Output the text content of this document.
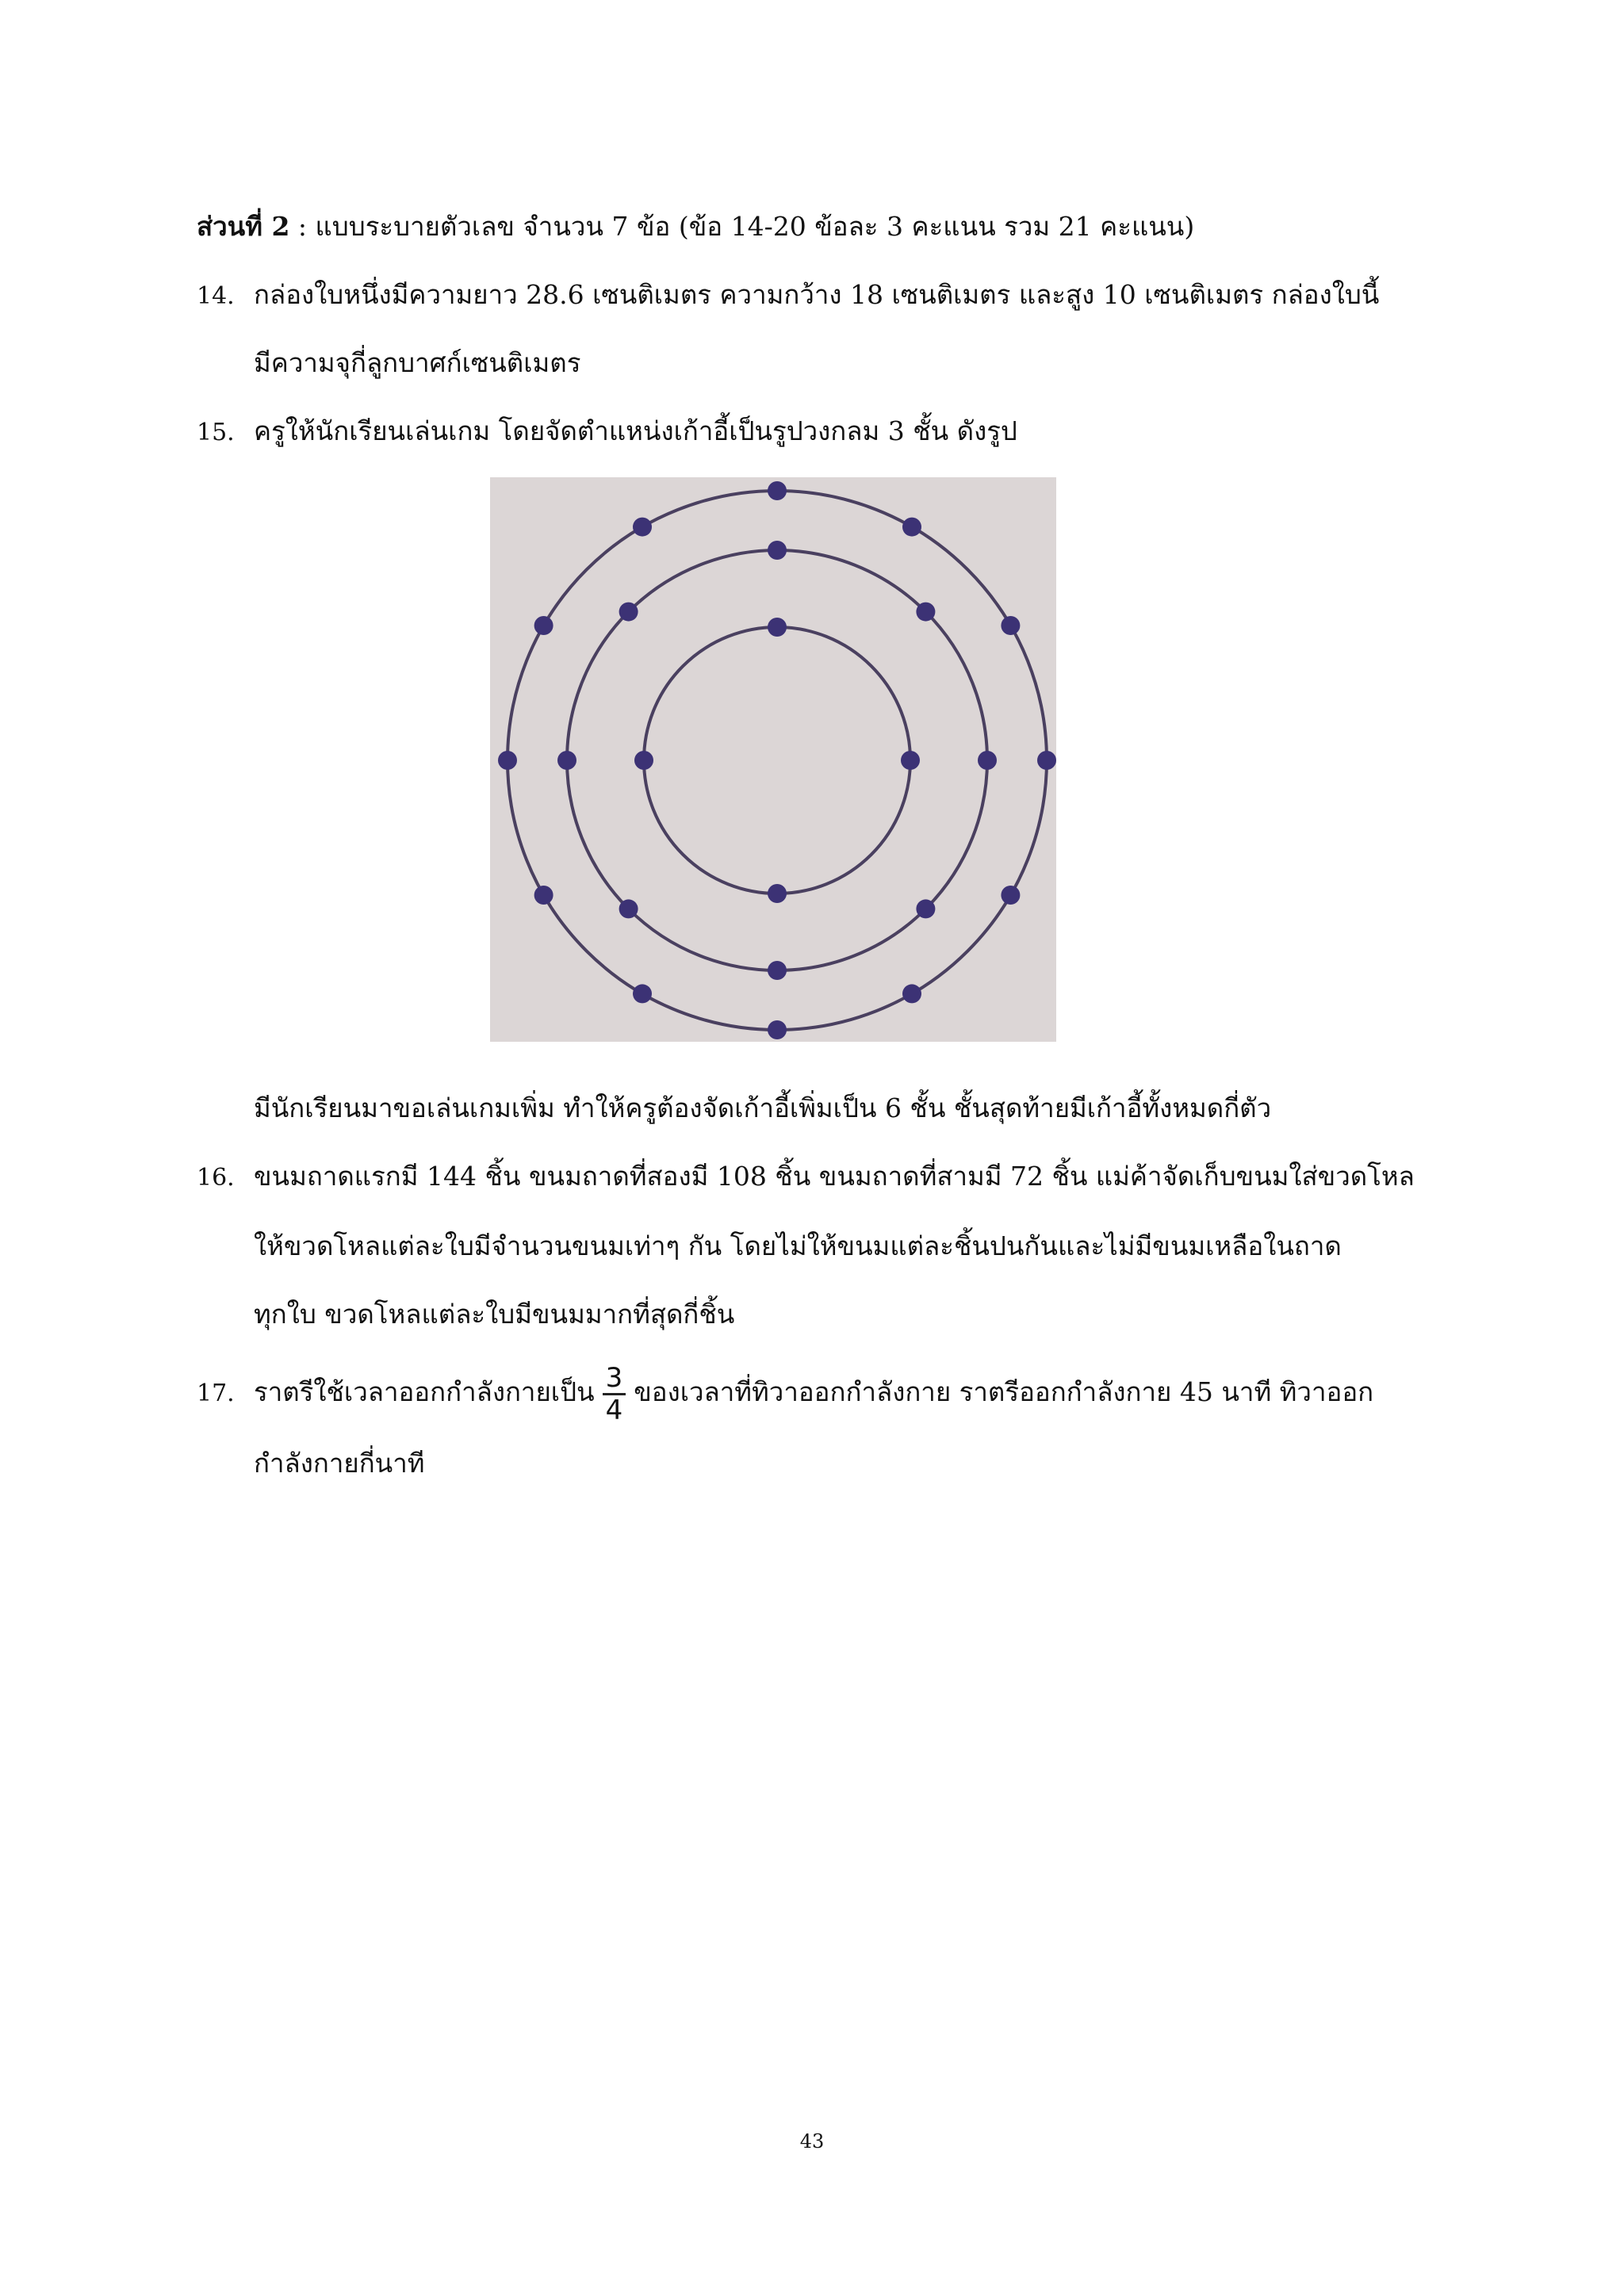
ส่วนที่ 2 : แบบระบายตัวเลข จำนวน 7 ข้อ (ข้อ 14-20 ข้อละ 3 คะแนน รวม 21 คะแนน)
14. กล่องใบหนึ่งมีความยาว 28.6 เซนติเมตร ความกว้าง 18 เซนติเมตร และสูง 10 เซนติเมตร กล่องใบนี้
มีความจุกี่ลูกบาศก์เซนติเมตร
15. ครูให้นักเรียนเล่นเกม โดยจัดตำแหน่งเก้าอี้เป็นรูปวงกลม 3 ชั้น ดังรูป
มีนักเรียนมาขอเล่นเกมเพิ่ม ทำให้ครูต้องจัดเก้าอี้เพิ่มเป็น 6 ชั้น ชั้นสุดท้ายมีเก้าอี้ทั้งหมดกี่ตัว
16. ขนมถาดแรกมี 144 ชิ้น ขนมถาดที่สองมี 108 ชิ้น ขนมถาดที่สามมี 72 ชิ้น แม่ค้าจัดเก็บขนมใส่ขวดโหล
ให้ขวดโหลแต่ละใบมีจำนวนขนมเท่าๆ กัน โดยไม่ให้ขนมแต่ละชิ้นปนกันและไม่มีขนมเหลือในถาด
ทุกใบ ขวดโหลแต่ละใบมีขนมมากที่สุดกี่ชิ้น
17. ราตรีใช้เวลาออกกำลังกายเป็น $\frac{3}{4}$ ของเวลาที่ทิวาออกกำลังกาย ราตรีออกกำลังกาย 45 นาที ทิวาออก
กำลังกายกี่นาที
43
